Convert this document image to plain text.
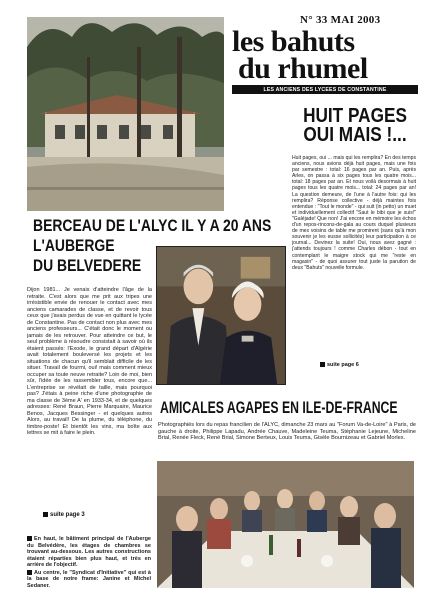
N° 33 MAI 2003
les bahuts
du rhumel
LES ANCIENS DES LYCEES DE CONSTANTINE
HUIT PAGES
OUI MAIS !...
Huit pages, oui ... mais qui les remplira? En des temps anciens, nous avions déjà huit pages, mais une fois par semestre : total: 16 pages par an. Puis, après Arles, on passa à six pages tous les quatre mois... total: 18 pages par an. Et nous voilà desormais à huit pages tous les quatre mois... total: 24 pages par an! La question demeure, de l'une à l'autre fois: qui les remplira? Réponse collective - déjà maintes fois entendue : "Tout le monde" - qui suit (in petto) un muet et individuellement collectif "Saut le bibi que je suis!" "Galéjade! Que non! J'ai encore en mémoire les échos d'un repos-rincons-de-gala au cours duquel plusieurs de mes voisins de table me promirent (sans qu'à mon souvenir je les eusse sollicités) leur participation à ce journal... Devinez la suite! Oui, nous avez gagné : j'attends toujours ! comme Charles débon - tout en contemplant le maigre stock qui me "reste en magasin" - de quoi assurer tout juste la parution de deux "Bahuts" nouvelle formule.
suite page 6
BERCEAU DE L'ALYC IL Y A 20 ANS
L'AUBERGE
DU BELVEDERE
Dijon 1981... Je venais d'atteindre l'âge de la retraite. C'est alors que me prit aux tripes une irrésistible envie de renouer le contact avec mes anciens camarades de classe, et de revoir tous ceux que j'avais perdus de vue en quittant le lycée de Constantine. Pas de contact non plus avec mes anciens professeurs... C'était donc le moment ou jamais de les retrouver. Pour atteindre ce but, le seul problème à résoudre consistait à savoir où ils étaient passés: l'Exode, le grand départ d'Algérie avait totalement bouleversé les projets et les situations de chacun qu'il semblait difficile de les situer. Travail de fourmi, oui! mais comment mieux occuper sa toute neuve retraite? Loin de moi, bien sûr, l'idée de les rassembler tous, encore que... L'entreprise se révélait de taille, mais pourquoi pas? J'étais à peine riche d'une photographie de ma classe de 3ème A' en 1933-34, et de quelques adresses: René Braun, Pierre Marquaire, Maurice Benos, Jacques Bessinger - et quelques autres Alors, au travail! De la plume, du téléphone, du timbre-poste! Et bientôt les vins, ma boîte aux lettres se mit à faire le plein.
suite page 3
AMICALES AGAPES EN ILE-DE-FRANCE
Photographiés lors du repas francilien de l'ALYC, dimanche 23 mars au "Forum Va-de-Loire" à Paris, de gauche à droite, Philippe Lapadu, Andrée Chauve, Madeleine Teuma, Stéphanie Lejeune, Micheline Brial, Renée Fleck, René Brial, Simone Berteux, Louis Teuma, Gisèle Bournizeau et Gabriel Morlex.
En haut, le bâtiment principal de l'Auberge du Belvédère, les étages de chambres se trouvant au-dessous. Les autres constructions étaient réparties bien plus haut, et très en arrière de l'objectif.
Au centre, le "Syndicat d'Initiative" qui est à la base de notre frame: Janine et Michel Sedaner.
